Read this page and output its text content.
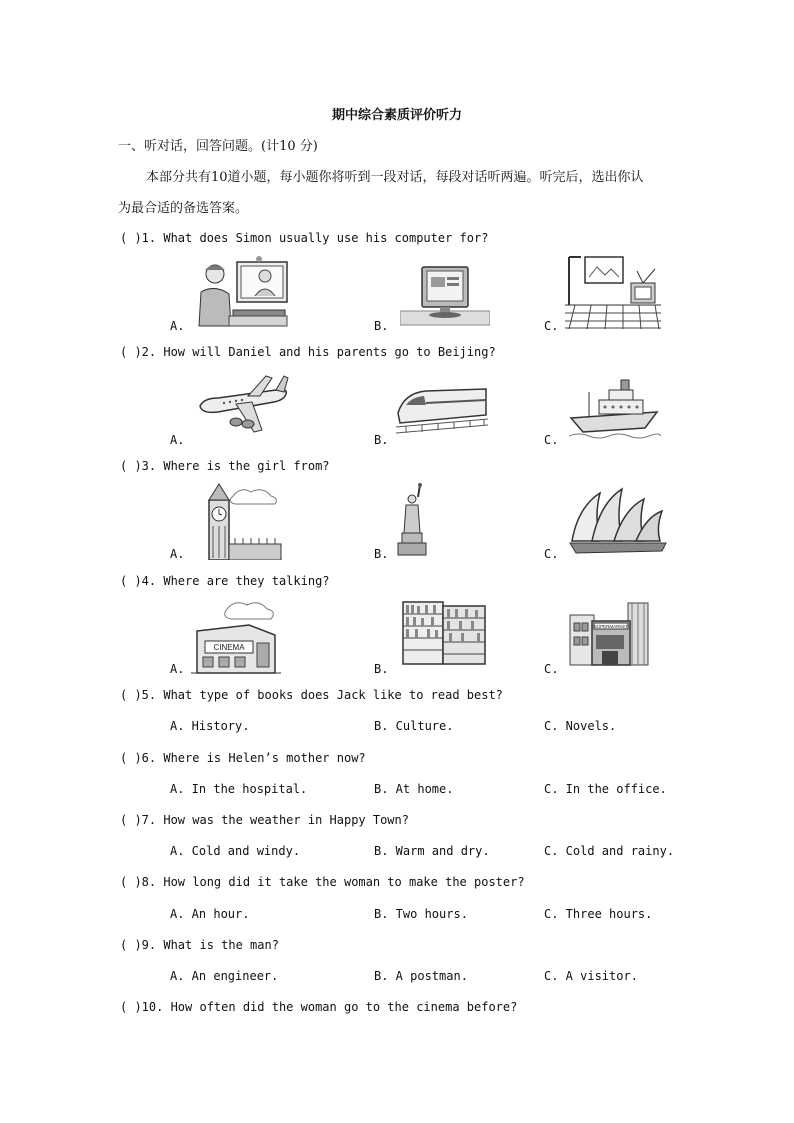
期中综合素质评价听力
一、听对话，回答问题。(计10 分)
本部分共有10道小题，每小题你将听到一段对话，每段对话听两遍。听完后，选出你认
为最合适的备选答案。
( )1. What does Simon usually use his computer for?
A.	B.	C.
( )2. How will Daniel and his parents go to Beijing?
A.	B.	C.
( )3. Where is the girl from?
A.	B.	C.
( )4. Where are they talking?
A.	B.	C.
CINEMA
SUPERMARKET
( )5. What type of books does Jack like to read best?
A. History.	B. Culture.	C. Novels.
( )6. Where is Helen’s mother now?
A. In the hospital.	B. At home.	C. In the office.
( )7. How was the weather in Happy Town?
A. Cold and windy.	B. Warm and dry.	C. Cold and rainy.
( )8. How long did it take the woman to make the poster?
A. An hour.	B. Two hours.	C. Three hours.
( )9. What is the man?
A. An engineer.	B. A postman.	C. A visitor.
( )10. How often did the woman go to the cinema before?
